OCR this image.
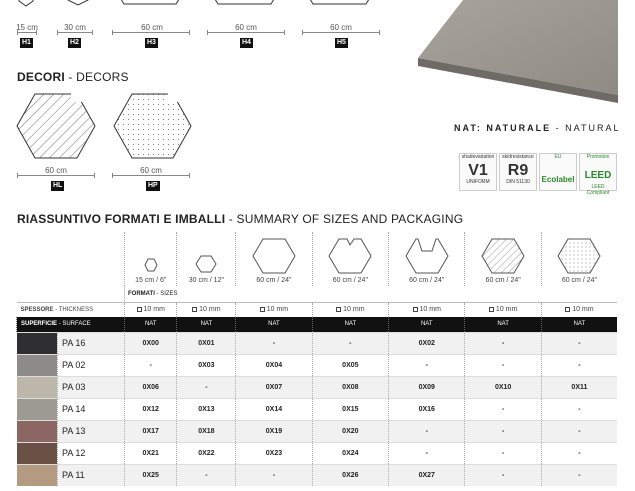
15 cm	30 cm	60 cm	60 cm	60 cm
H1	H2	H3	H4	H5
DECORI - DECORS
60 cm	60 cm
HL	HP
NAT: NATURALE - NATURAL
shadevariation
V1
UNIFORM
skidresistance
R9
DIN 51130
EU
Ecolabel
Promotion
LEED
LEED Compliant
RIASSUNTIVO FORMATI E IMBALLI - SUMMARY OF SIZES AND PACKAGING

15 cm / 6"	30 cm / 12"	60 cm / 24"	60 cm / 24"	60 cm / 24"	60 cm / 24"	60 cm / 24"
		FORMATI - SIZES						
SPESSORE - THICKNESS		10 mm	10 mm	10 mm	10 mm	10 mm	10 mm	10 mm
SUPERFICIE - SURFACE		NAT	NAT	NAT	NAT	NAT	NAT	NAT
	PA 16	0X00	0X01	-	-	0X02	-	-
	PA 02	-	0X03	0X04	0X05	-	-	-
	PA 03	0X06	-	0X07	0X08	0X09	0X10	0X11
	PA 14	0X12	0X13	0X14	0X15	0X16	-	-
	PA 13	0X17	0X18	0X19	0X20	-	-	-
	PA 12	0X21	0X22	0X23	0X24	-	-	-
	PA 11	0X25	-	-	0X26	0X27	-	-
